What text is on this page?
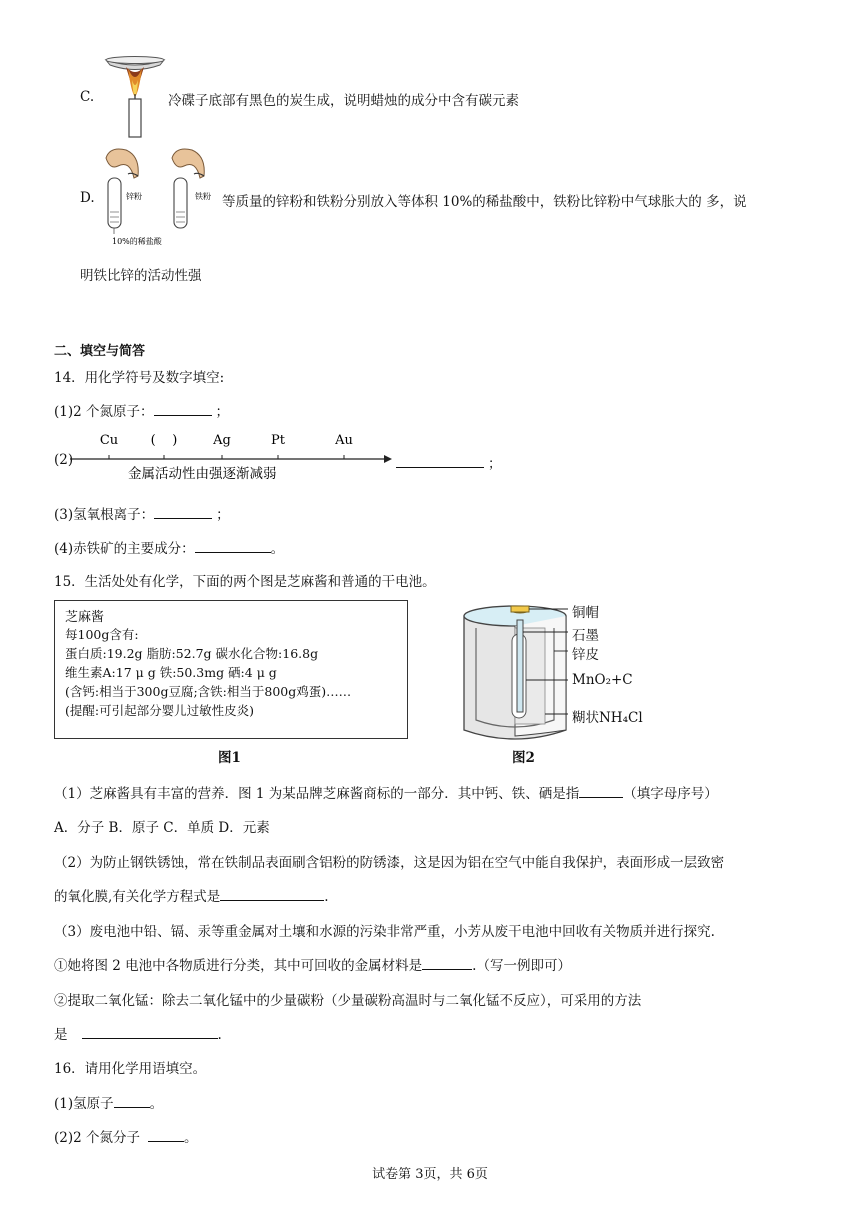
C.	冷碟子底部有黑色的炭生成，说明蜡烛的成分中含有碳元素
D.	锌粉	铁粉
10%的稀盐酸
等质量的锌粉和铁粉分别放入等体积 10%的稀盐酸中，铁粉比锌粉中气球胀大的 多，说
明铁比锌的活动性强
二、填空与简答
14．用化学符号及数字填空:
(1)2 个氮原子：	；
(2)
Cu (    )	Ag	Pt	Au
金属活动性由强逐渐减弱
；
(3)氢氧根离子：	；
(4)赤铁矿的主要成分：	。
15．生活处处有化学，下面的两个图是芝麻酱和普通的干电池。
芝麻酱
每100g含有:
蛋白质:19.2g 脂肪:52.7g 碳水化合物:16.8g
维生素A:17 μ g 铁:50.3mg 硒:4 μ g
(含钙:相当于300g豆腐;含铁:相当于800g鸡蛋)……
(提醒:可引起部分婴儿过敏性皮炎)
图1
铜帽
石墨
锌皮
MnO₂+C
糊状NH₄Cl
图2
（1）芝麻酱具有丰富的营养．图 1 为某品牌芝麻酱商标的一部分．其中钙、铁、硒是指	（填字母序号）
A．分子 B．原子 C．单质 D．元素
（2）为防止钢铁锈蚀，常在铁制品表面刷含铝粉的防锈漆，这是因为铝在空气中能自我保护，表面形成一层致密
的氧化膜,有关化学方程式是	.
（3）废电池中铅、镉、汞等重金属对土壤和水源的污染非常严重，小芳从废干电池中回收有关物质并进行探究.
①她将图 2 电池中各物质进行分类，其中可回收的金属材料是	.（写一例即可）
②提取二氧化锰：除去二氧化锰中的少量碳粉（少量碳粉高温时与二氧化锰不反应），可采用的方法
是	.
16．请用化学用语填空。
(1)氢原子	。
(2)2 个氮分子	。
试卷第 3页，共 6页
